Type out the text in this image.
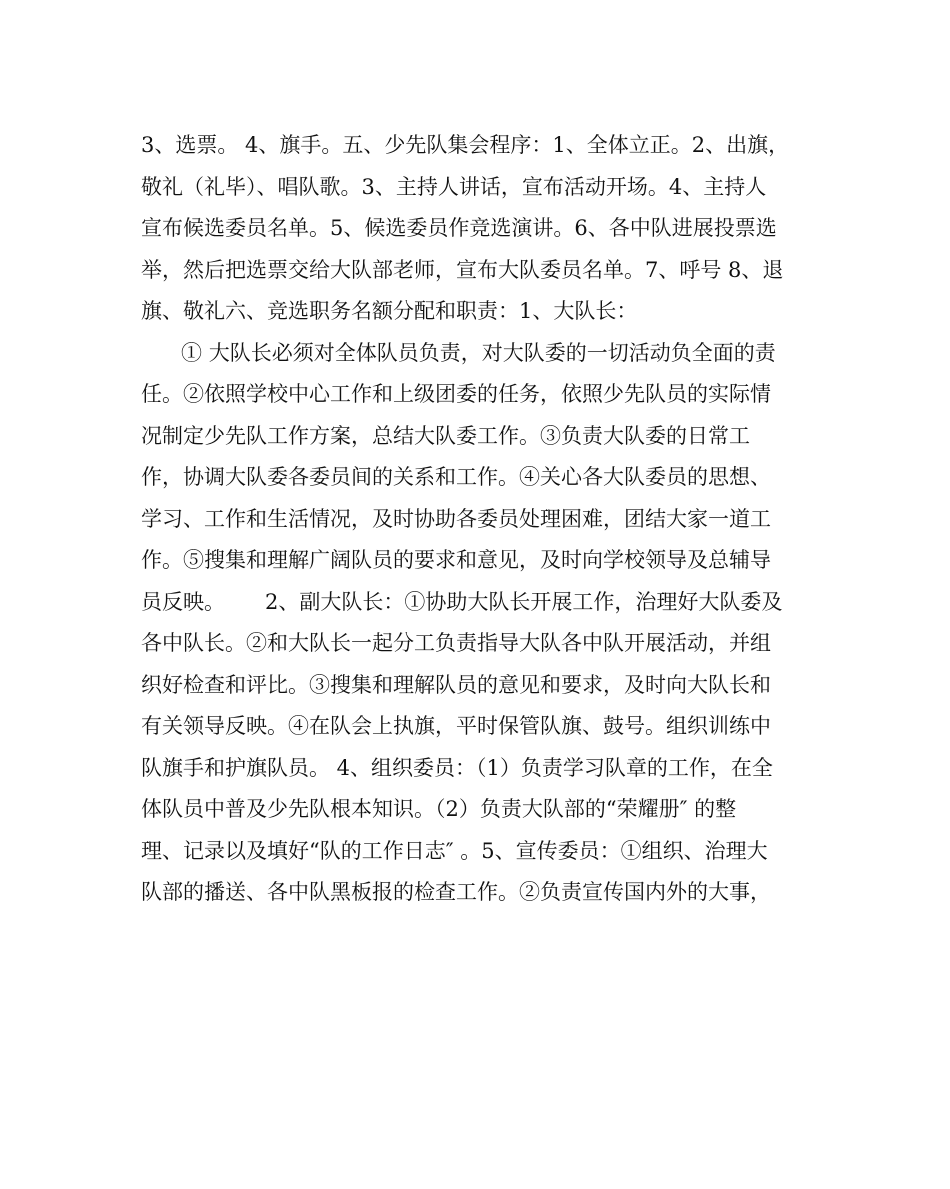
3、选票。 4、旗手。五、少先队集会程序：1、全体立正。2、出旗，
敬礼（礼毕）、唱队歌。3、主持人讲话，宣布活动开场。4、主持人
宣布候选委员名单。5、候选委员作竞选演讲。6、各中队进展投票选
举，然后把选票交给大队部老师，宣布大队委员名单。7、呼号 8、退
旗、敬礼六、竞选职务名额分配和职责：1、大队长：
① 大队长必须对全体队员负责，对大队委的一切活动负全面的责
任。②依照学校中心工作和上级团委的任务，依照少先队员的实际情
况制定少先队工作方案，总结大队委工作。③负责大队委的日常工
作，协调大队委各委员间的关系和工作。④关心各大队委员的思想、
学习、工作和生活情况，及时协助各委员处理困难，团结大家一道工
作。⑤搜集和理解广阔队员的要求和意见，及时向学校领导及总辅导
员反映。      2、副大队长：①协助大队长开展工作，治理好大队委及
各中队长。②和大队长一起分工负责指导大队各中队开展活动，并组
织好检查和评比。③搜集和理解队员的意见和要求，及时向大队长和
有关领导反映。④在队会上执旗，平时保管队旗、鼓号。组织训练中
队旗手和护旗队员。 4、组织委员：（1）负责学习队章的工作，在全
体队员中普及少先队根本知识。（2）负责大队部的“荣耀册″ 的整
理、记录以及填好“队的工作日志″ 。5、宣传委员：①组织、治理大
队部的播送、各中队黑板报的检查工作。②负责宣传国内外的大事，
